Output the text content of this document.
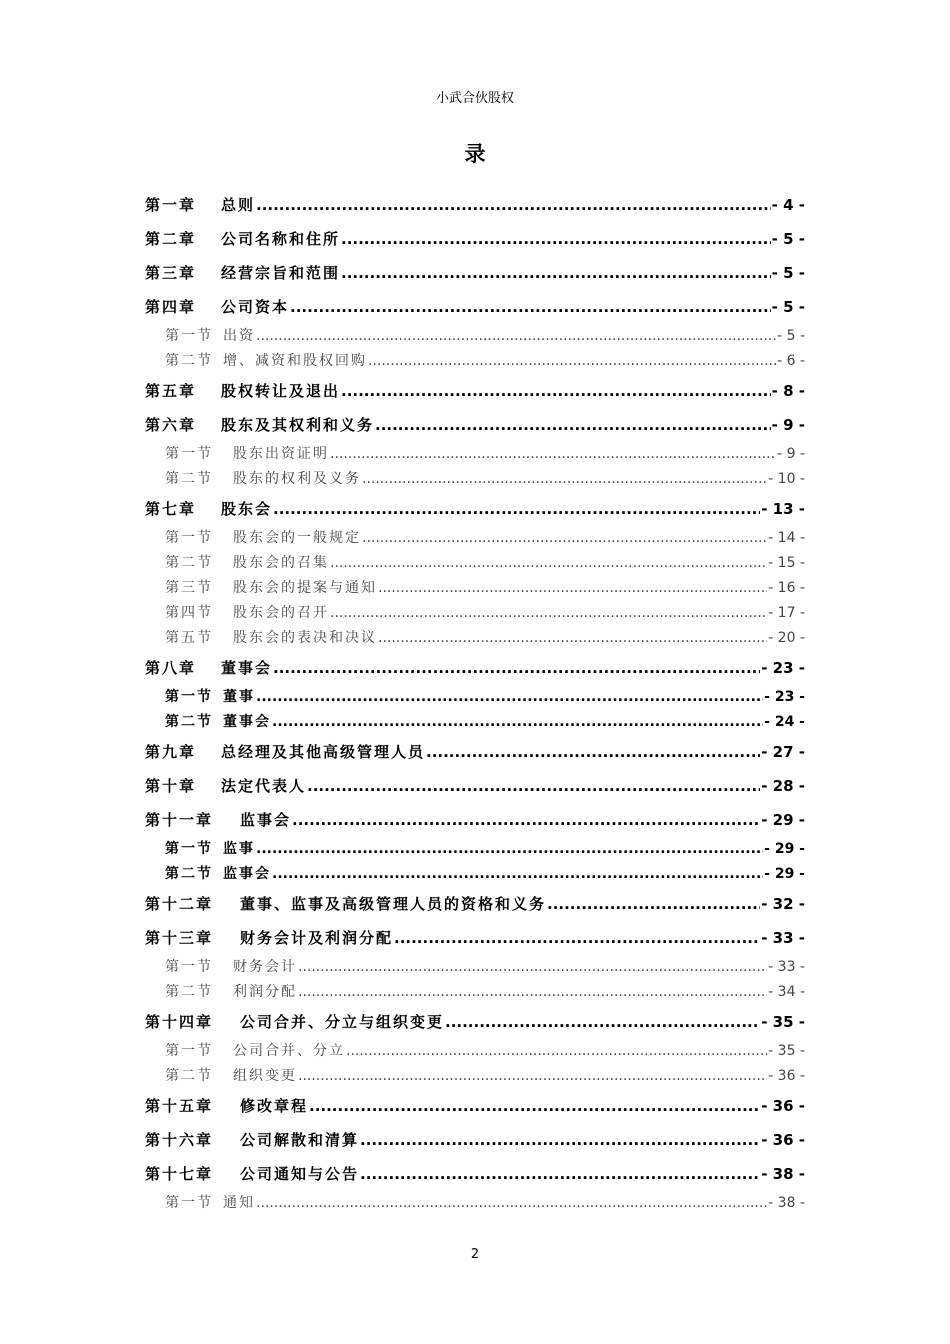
小武合伙股权
录
第一章	总则 .....	- 4 -
第二章	公司名称和住所 .....	- 5 -
第三章	经营宗旨和范围 .....	- 5 -
第四章	公司资本 .....	- 5 -
第一节 出资 .....	- 5 -
第二节 增、减资和股权回购 .....	- 6 -
第五章	股权转让及退出 .....	- 8 -
第六章	股东及其权利和义务 .....	- 9 -
第一节 股东出资证明 .....	- 9 -
第二节 股东的权利及义务 .....	- 10 -
第七章	股东会 .....	- 13 -
第一节 股东会的一般规定 .....	- 14 -
第二节 股东会的召集 .....	- 15 -
第三节 股东会的提案与通知 .....	- 16 -
第四节 股东会的召开 .....	- 17 -
第五节 股东会的表决和决议 .....	- 20 -
第八章	董事会 .....	- 23 -
第一节 董事 .....	- 23 -
第二节 董事会 .....	- 24 -
第九章	总经理及其他高级管理人员 .....	- 27 -
第十章	法定代表人 .....	- 28 -
第十一章	监事会 .....	- 29 -
第一节 监事 .....	- 29 -
第二节 监事会 .....	- 29 -
第十二章	董事、监事及高级管理人员的资格和义务 .....	- 32 -
第十三章	财务会计及利润分配 .....	- 33 -
第一节 财务会计 .....	- 33 -
第二节 利润分配 .....	- 34 -
第十四章	公司合并、分立与组织变更 .....	- 35 -
第一节 公司合并、分立 .....	- 35 -
第二节 组织变更 .....	- 36 -
第十五章	修改章程 .....	- 36 -
第十六章	公司解散和清算 .....	- 36 -
第十七章	公司通知与公告 .....	- 38 -
第一节 通知 .....	- 38 -
2
